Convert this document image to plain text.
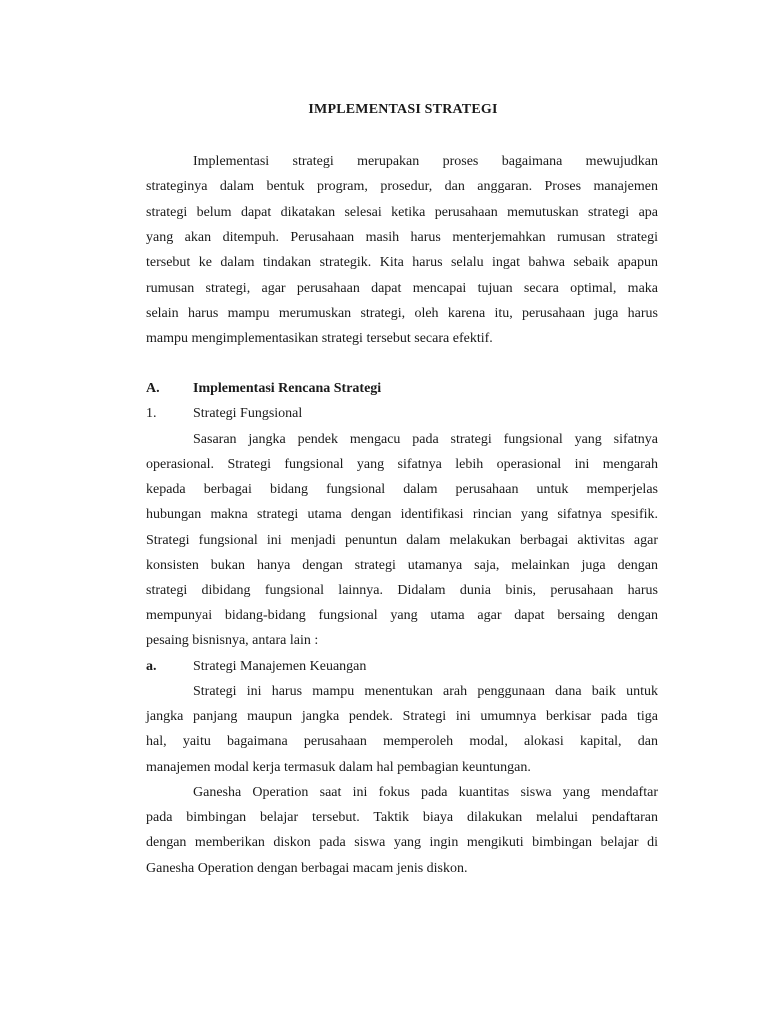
IMPLEMENTASI STRATEGI
Implementasi strategi merupakan proses bagaimana mewujudkan
strateginya dalam bentuk program, prosedur, dan anggaran. Proses manajemen
strategi belum dapat dikatakan selesai ketika perusahaan memutuskan strategi apa
yang akan ditempuh. Perusahaan masih harus menterjemahkan rumusan strategi
tersebut ke dalam tindakan strategik. Kita harus selalu ingat bahwa sebaik apapun
rumusan strategi, agar perusahaan dapat mencapai tujuan secara optimal, maka
selain harus mampu merumuskan strategi, oleh karena itu, perusahaan juga harus
mampu mengimplementasikan strategi tersebut secara efektif.
A. Implementasi Rencana Strategi
1.	Strategi Fungsional
Sasaran jangka pendek mengacu pada strategi fungsional yang sifatnya
operasional. Strategi fungsional yang sifatnya lebih operasional ini mengarah
kepada berbagai bidang fungsional dalam perusahaan untuk memperjelas
hubungan makna strategi utama dengan identifikasi rincian yang sifatnya spesifik.
Strategi fungsional ini menjadi penuntun dalam melakukan berbagai aktivitas agar
konsisten bukan hanya dengan strategi utamanya saja, melainkan juga dengan
strategi dibidang fungsional lainnya. Didalam dunia binis, perusahaan harus
mempunyai bidang-bidang fungsional yang utama agar dapat bersaing dengan
pesaing bisnisnya, antara lain :
a.	Strategi Manajemen Keuangan
Strategi ini harus mampu menentukan arah penggunaan dana baik untuk
jangka panjang maupun jangka pendek. Strategi ini umumnya berkisar pada tiga
hal, yaitu bagaimana perusahaan memperoleh modal, alokasi kapital, dan
manajemen modal kerja termasuk dalam hal pembagian keuntungan.
Ganesha Operation saat ini fokus pada kuantitas siswa yang mendaftar
pada bimbingan belajar tersebut. Taktik biaya dilakukan melalui pendaftaran
dengan memberikan diskon pada siswa yang ingin mengikuti bimbingan belajar di
Ganesha Operation dengan berbagai macam jenis diskon.
